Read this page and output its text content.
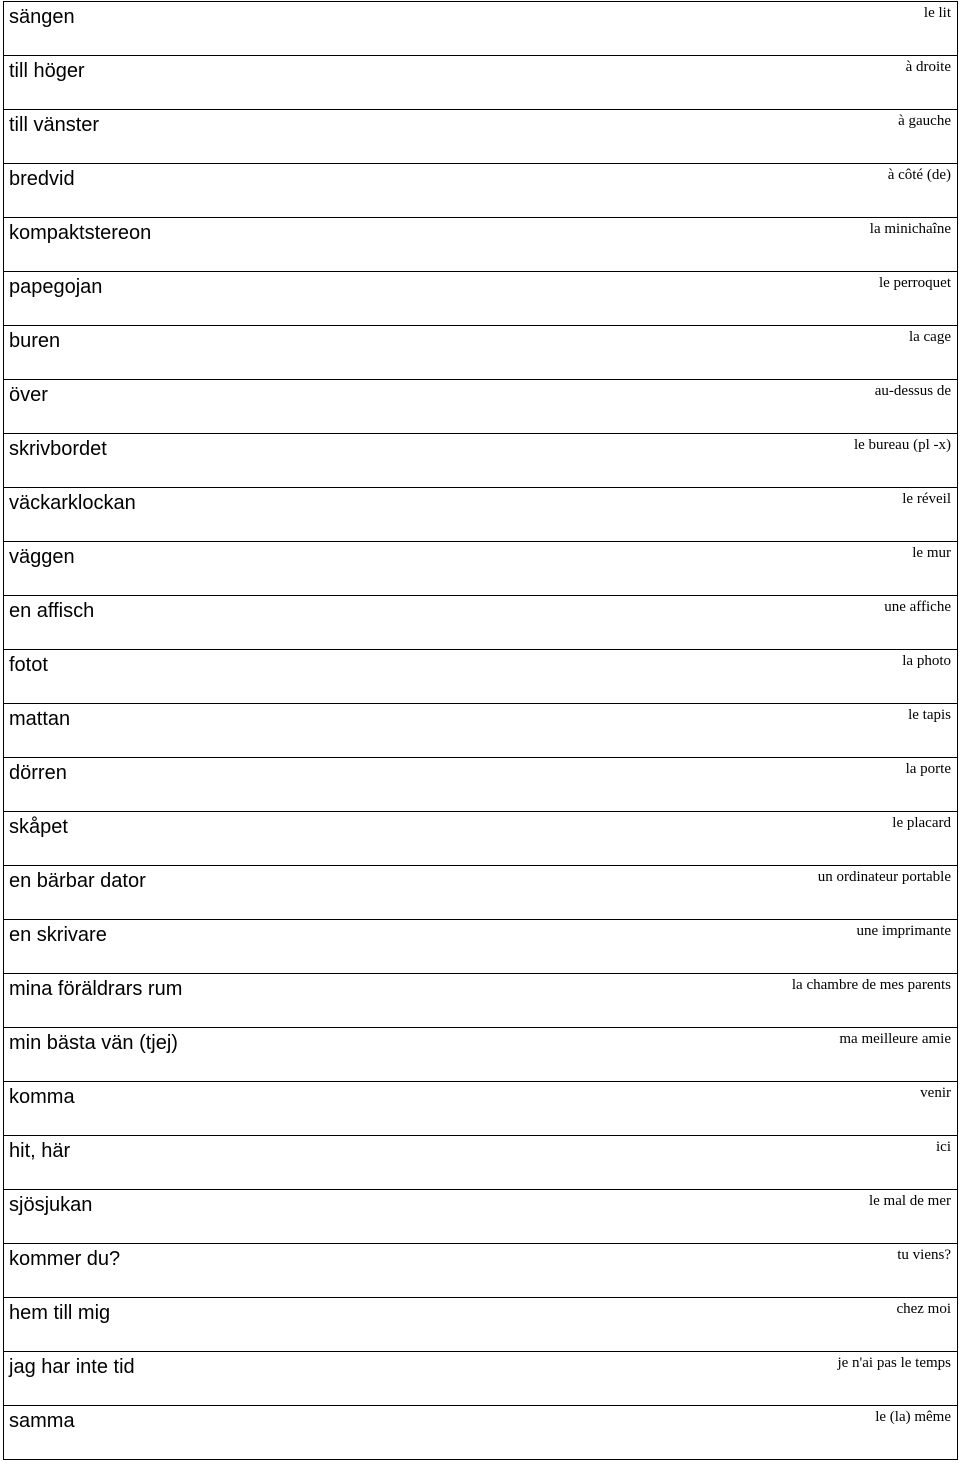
sängen	le lit
till höger	à droite
till vänster	à gauche
bredvid	à côté (de)
kompaktstereon	la minichaîne
papegojan	le perroquet
buren	la cage
över	au-dessus de
skrivbordet	le bureau (pl -x)
väckarklockan	le réveil
väggen	le mur
en affisch	une affiche
fotot	la photo
mattan	le tapis
dörren	la porte
skåpet	le placard
en bärbar dator	un ordinateur portable
en skrivare	une imprimante
mina föräldrars rum	la chambre de mes parents
min bästa vän (tjej)	ma meilleure amie
komma	venir
hit, här	ici
sjösjukan	le mal de mer
kommer du?	tu viens?
hem till mig	chez moi
jag har inte tid	je n'ai pas le temps
samma	le (la) même
